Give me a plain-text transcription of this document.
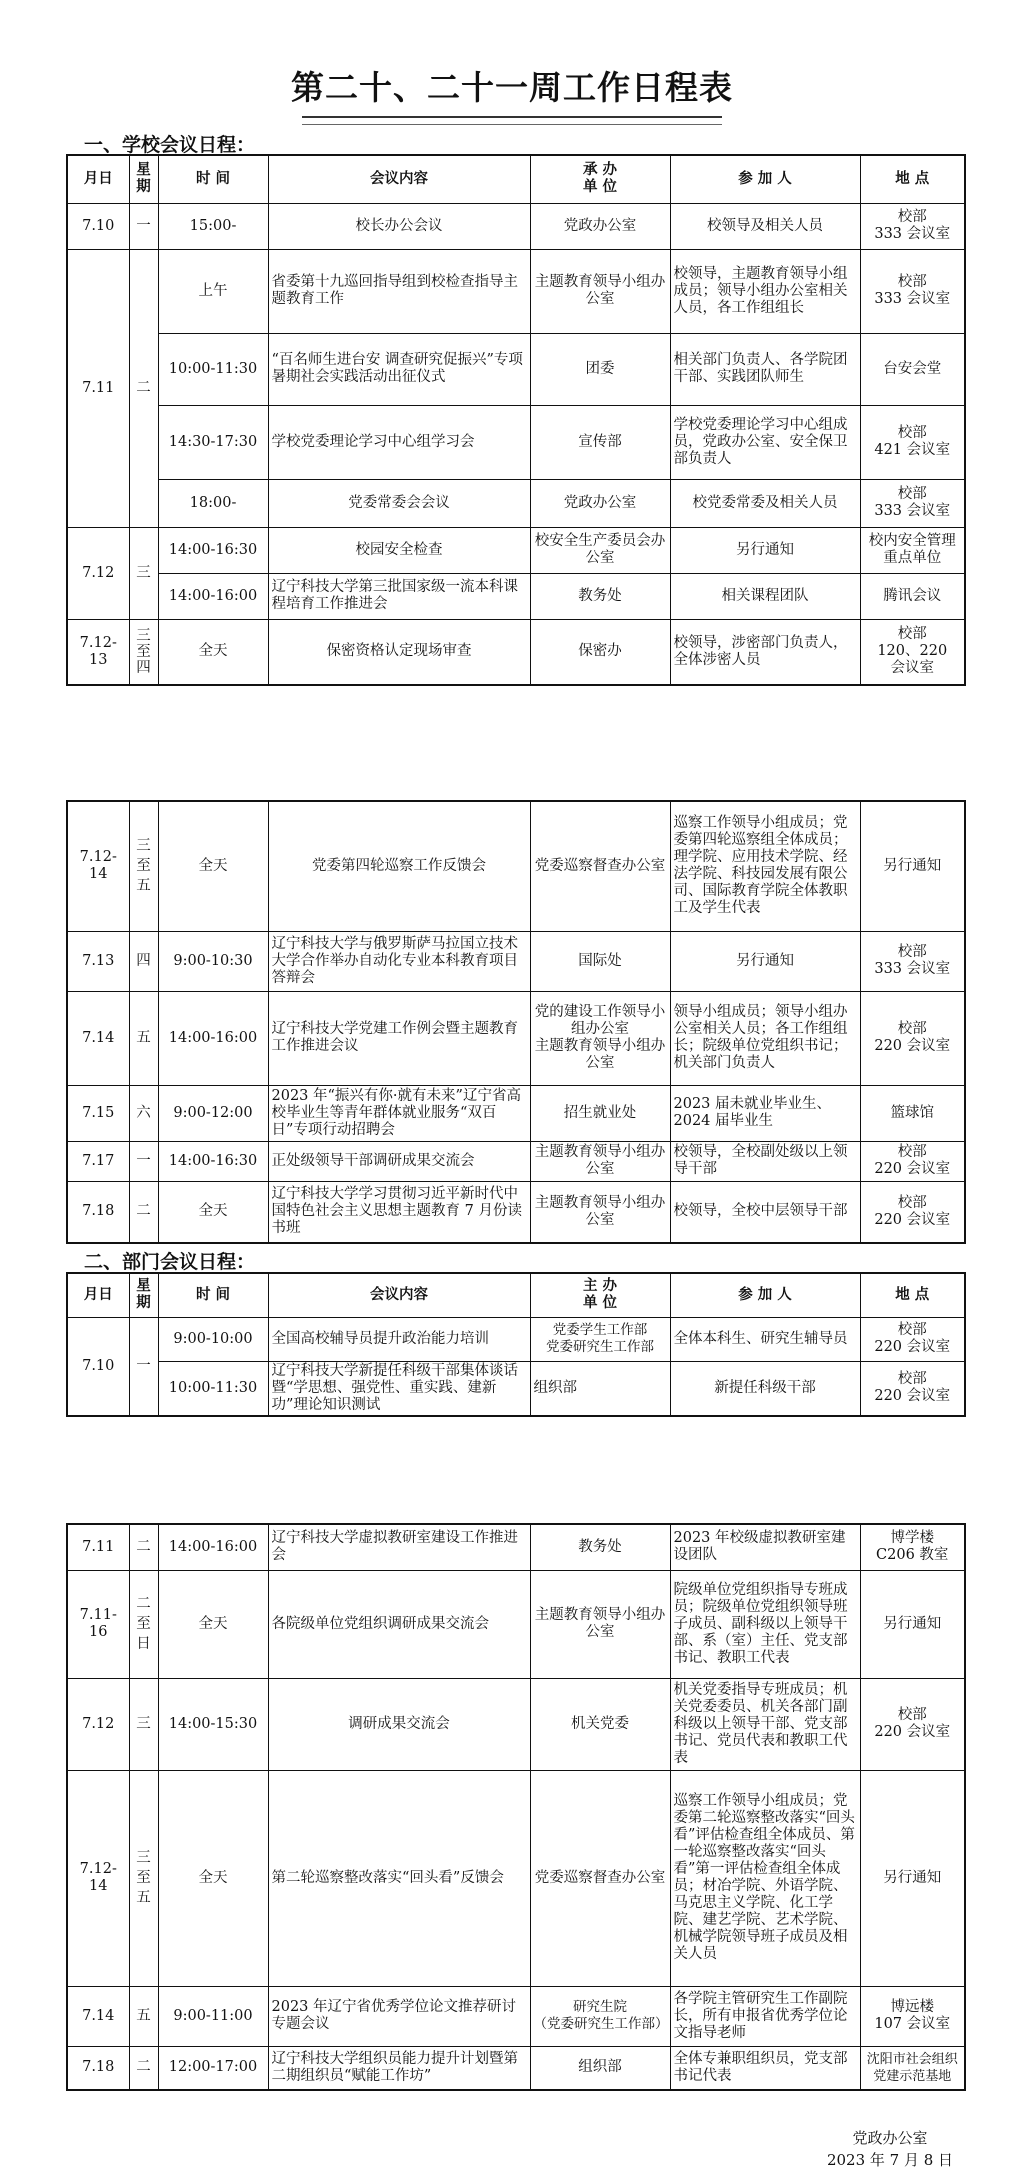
第二十、二十一周工作日程表
一、学校会议日程：
月日	星期	时 间	会议内容	承 办
单 位	参 加 人	地 点
7.10	一	15:00-	校长办公会议	党政办公室	校领导及相关人员	校部
333 会议室
7.11	二	上午	省委第十九巡回指导组到校检查指导主题教育工作	主题教育领导小组办公室	校领导，主题教育领导小组成员；领导小组办公室相关人员，各工作组组长	校部
333 会议室
		10:00-11:30	“百名师生进台安 调查研究促振兴”专项暑期社会实践活动出征仪式	团委	相关部门负责人、各学院团干部、实践团队师生	台安会堂
		14:30-17:30	学校党委理论学习中心组学习会	宣传部	学校党委理论学习中心组成员，党政办公室、安全保卫部负责人	校部
421 会议室
		18:00-	党委常委会会议	党政办公室	校党委常委及相关人员	校部
333 会议室
7.12	三	14:00-16:30	校园安全检查	校安全生产委员会办公室	另行通知	校内安全管理重点单位
		14:00-16:00	辽宁科技大学第三批国家级一流本科课程培育工作推进会	教务处	相关课程团队	腾讯会议
7.12-13	三
至
四	全天	保密资格认定现场审查	保密办	校领导，涉密部门负责人，全体涉密人员	校部
120、220
会议室
7.12-14	三
至
五	全天	党委第四轮巡察工作反馈会	党委巡察督查办公室	巡察工作领导小组成员；党委第四轮巡察组全体成员；理学院、应用技术学院、经法学院、科技园发展有限公司、国际教育学院全体教职工及学生代表	另行通知
7.13	四	9:00-10:30	辽宁科技大学与俄罗斯萨马拉国立技术大学合作举办自动化专业本科教育项目答辩会	国际处	另行通知	校部
333 会议室
7.14	五	14:00-16:00	辽宁科技大学党建工作例会暨主题教育工作推进会议	党的建设工作领导小组办公室
主题教育领导小组办公室	领导小组成员；领导小组办公室相关人员；各工作组组长；院级单位党组织书记；机关部门负责人	校部
220 会议室
7.15	六	9:00-12:00	2023 年“振兴有你·就有未来”辽宁省高校毕业生等青年群体就业服务“双百日”专项行动招聘会	招生就业处	2023 届未就业毕业生、2024 届毕业生	篮球馆
7.17	一	14:00-16:30	正处级领导干部调研成果交流会	主题教育领导小组办公室	校领导，全校副处级以上领导干部	校部
220 会议室
7.18	二	全天	辽宁科技大学学习贯彻习近平新时代中国特色社会主义思想主题教育 7 月份读书班	主题教育领导小组办公室	校领导，全校中层领导干部	校部
220 会议室
二、部门会议日程：
月日	星期	时 间	会议内容	主 办
单 位	参 加 人	地 点
7.10	一	9:00-10:00	全国高校辅导员提升政治能力培训	党委学生工作部
党委研究生工作部	全体本科生、研究生辅导员	校部
220 会议室
		10:00-11:30	辽宁科技大学新提任科级干部集体谈话暨“学思想、强党性、重实践、建新功”理论知识测试	组织部	新提任科级干部	校部
220 会议室
7.11	二	14:00-16:00	辽宁科技大学虚拟教研室建设工作推进会	教务处	2023 年校级虚拟教研室建设团队	博学楼
C206 教室
7.11-16	二
至
日	全天	各院级单位党组织调研成果交流会	主题教育领导小组办公室	院级单位党组织指导专班成员；院级单位党组织领导班子成员、副科级以上领导干部、系（室）主任、党支部书记、教职工代表	另行通知
7.12	三	14:00-15:30	调研成果交流会	机关党委	机关党委指导专班成员；机关党委委员、机关各部门副科级以上领导干部、党支部书记、党员代表和教职工代表	校部
220 会议室
7.12-14	三
至
五	全天	第二轮巡察整改落实“回头看”反馈会	党委巡察督查办公室	巡察工作领导小组成员；党委第二轮巡察整改落实“回头看”评估检查组全体成员、第一轮巡察整改落实“回头看”第一评估检查组全体成员；材冶学院、外语学院、马克思主义学院、化工学院、建艺学院、艺术学院、机械学院领导班子成员及相关人员	另行通知
7.14	五	9:00-11:00	2023 年辽宁省优秀学位论文推荐研讨专题会议	研究生院
（党委研究生工作部）	各学院主管研究生工作副院长，所有申报省优秀学位论文指导老师	博远楼
107 会议室
7.18	二	12:00-17:00	辽宁科技大学组织员能力提升计划暨第二期组织员“赋能工作坊”	组织部	全体专兼职组织员，党支部书记代表	沈阳市社会组织党建示范基地
党政办公室
2023 年 7 月 8 日
